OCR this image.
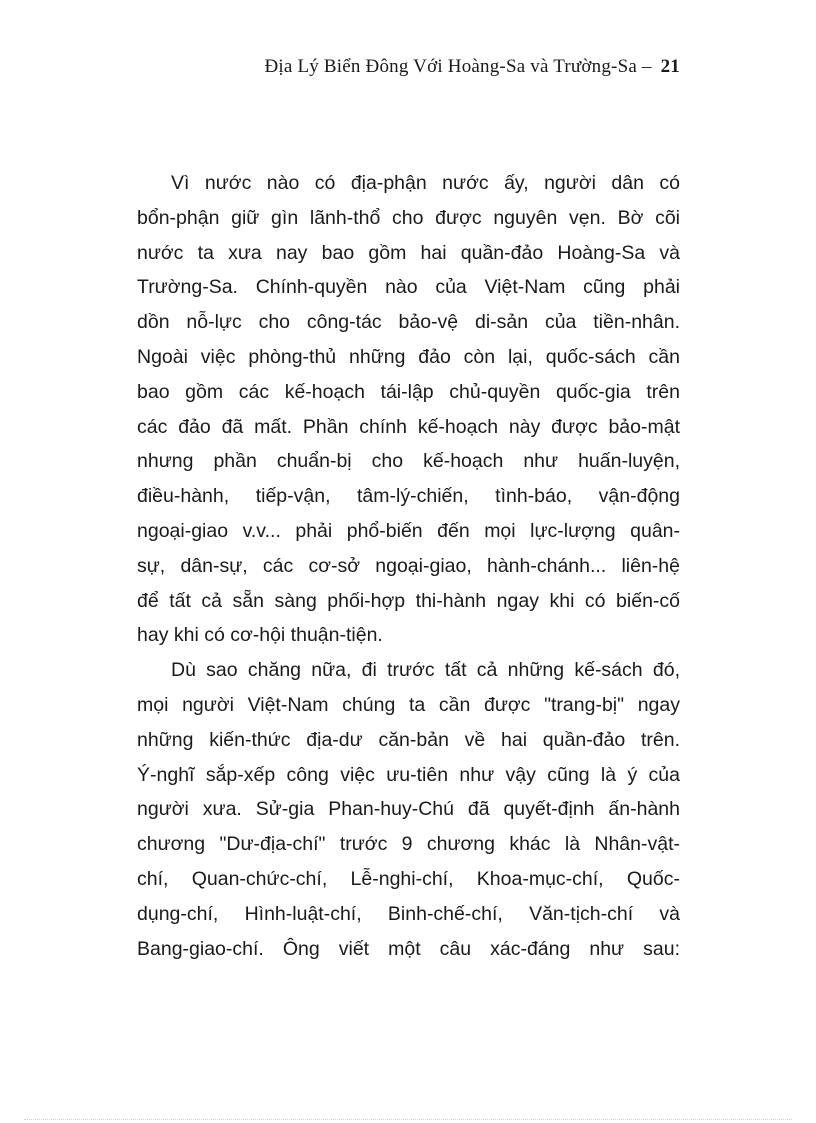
Địa Lý Biển Đông Với Hoàng-Sa và Trường-Sa – 21
Vì nước nào có địa-phận nước ấy, người dân có
bổn-phận giữ gìn lãnh-thổ cho được nguyên vẹn. Bờ cõi
nước ta xưa nay bao gồm hai quần-đảo Hoàng-Sa và
Trường-Sa. Chính-quyền nào của Việt-Nam cũng phải
dồn nỗ-lực cho công-tác bảo-vệ di-sản của tiền-nhân.
Ngoài việc phòng-thủ những đảo còn lại, quốc-sách cần
bao gồm các kế-hoạch tái-lập chủ-quyền quốc-gia trên
các đảo đã mất. Phần chính kế-hoạch này được bảo-mật
nhưng phần chuẩn-bị cho kế-hoạch như huấn-luyện,
điều-hành, tiếp-vận, tâm-lý-chiến, tình-báo, vận-động
ngoại-giao v.v... phải phổ-biến đến mọi lực-lượng quân-
sự, dân-sự, các cơ-sở ngoại-giao, hành-chánh... liên-hệ
để tất cả sẵn sàng phối-hợp thi-hành ngay khi có biến-cố
hay khi có cơ-hội thuận-tiện.
Dù sao chăng nữa, đi trước tất cả những kế-sách đó,
mọi người Việt-Nam chúng ta cần được "trang-bị" ngay
những kiến-thức địa-dư căn-bản về hai quần-đảo trên.
Ý-nghĩ sắp-xếp công việc ưu-tiên như vậy cũng là ý của
người xưa. Sử-gia Phan-huy-Chú đã quyết-định ấn-hành
chương "Dư-địa-chí" trước 9 chương khác là Nhân-vật-
chí, Quan-chức-chí, Lễ-nghi-chí, Khoa-mục-chí, Quốc-
dụng-chí, Hình-luật-chí, Binh-chế-chí, Văn-tịch-chí và
Bang-giao-chí. Ông viết một câu xác-đáng như sau:
